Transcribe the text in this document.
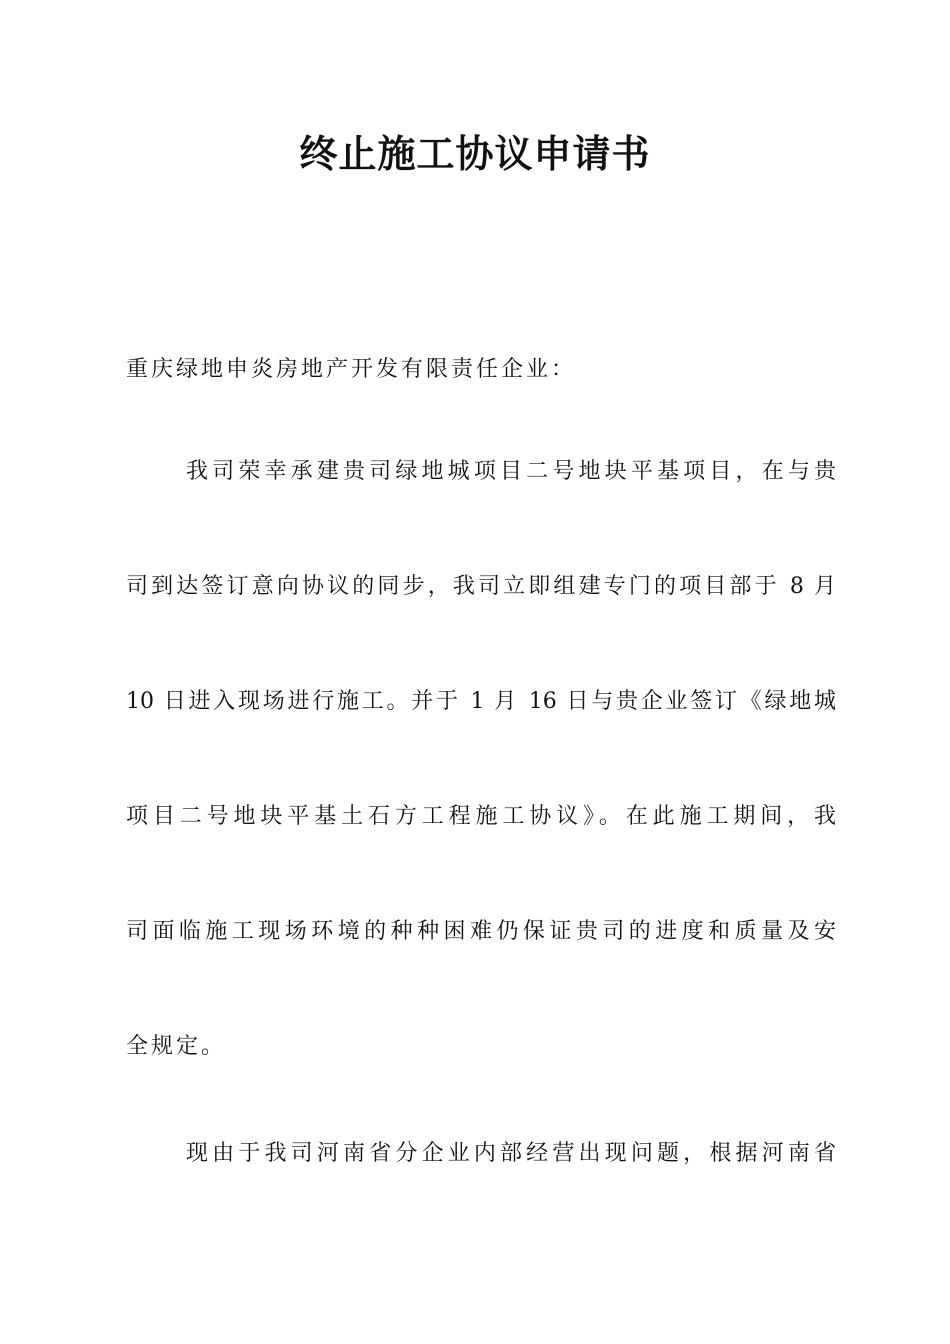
终止施工协议申请书
重庆绿地申炎房地产开发有限责任企业：
我司荣幸承建贵司绿地城项目二号地块平基项目，在与贵
司到达签订意向协议的同步，我司立即组建专门的项目部于 8 月
10 日进入现场进行施工。并于 1 月 16 日与贵企业签订《绿地城
项目二号地块平基土石方工程施工协议》。在此施工期间，我
司面临施工现场环境的种种困难仍保证贵司的进度和质量及安
全规定。
现由于我司河南省分企业内部经营出现问题，根据河南省
